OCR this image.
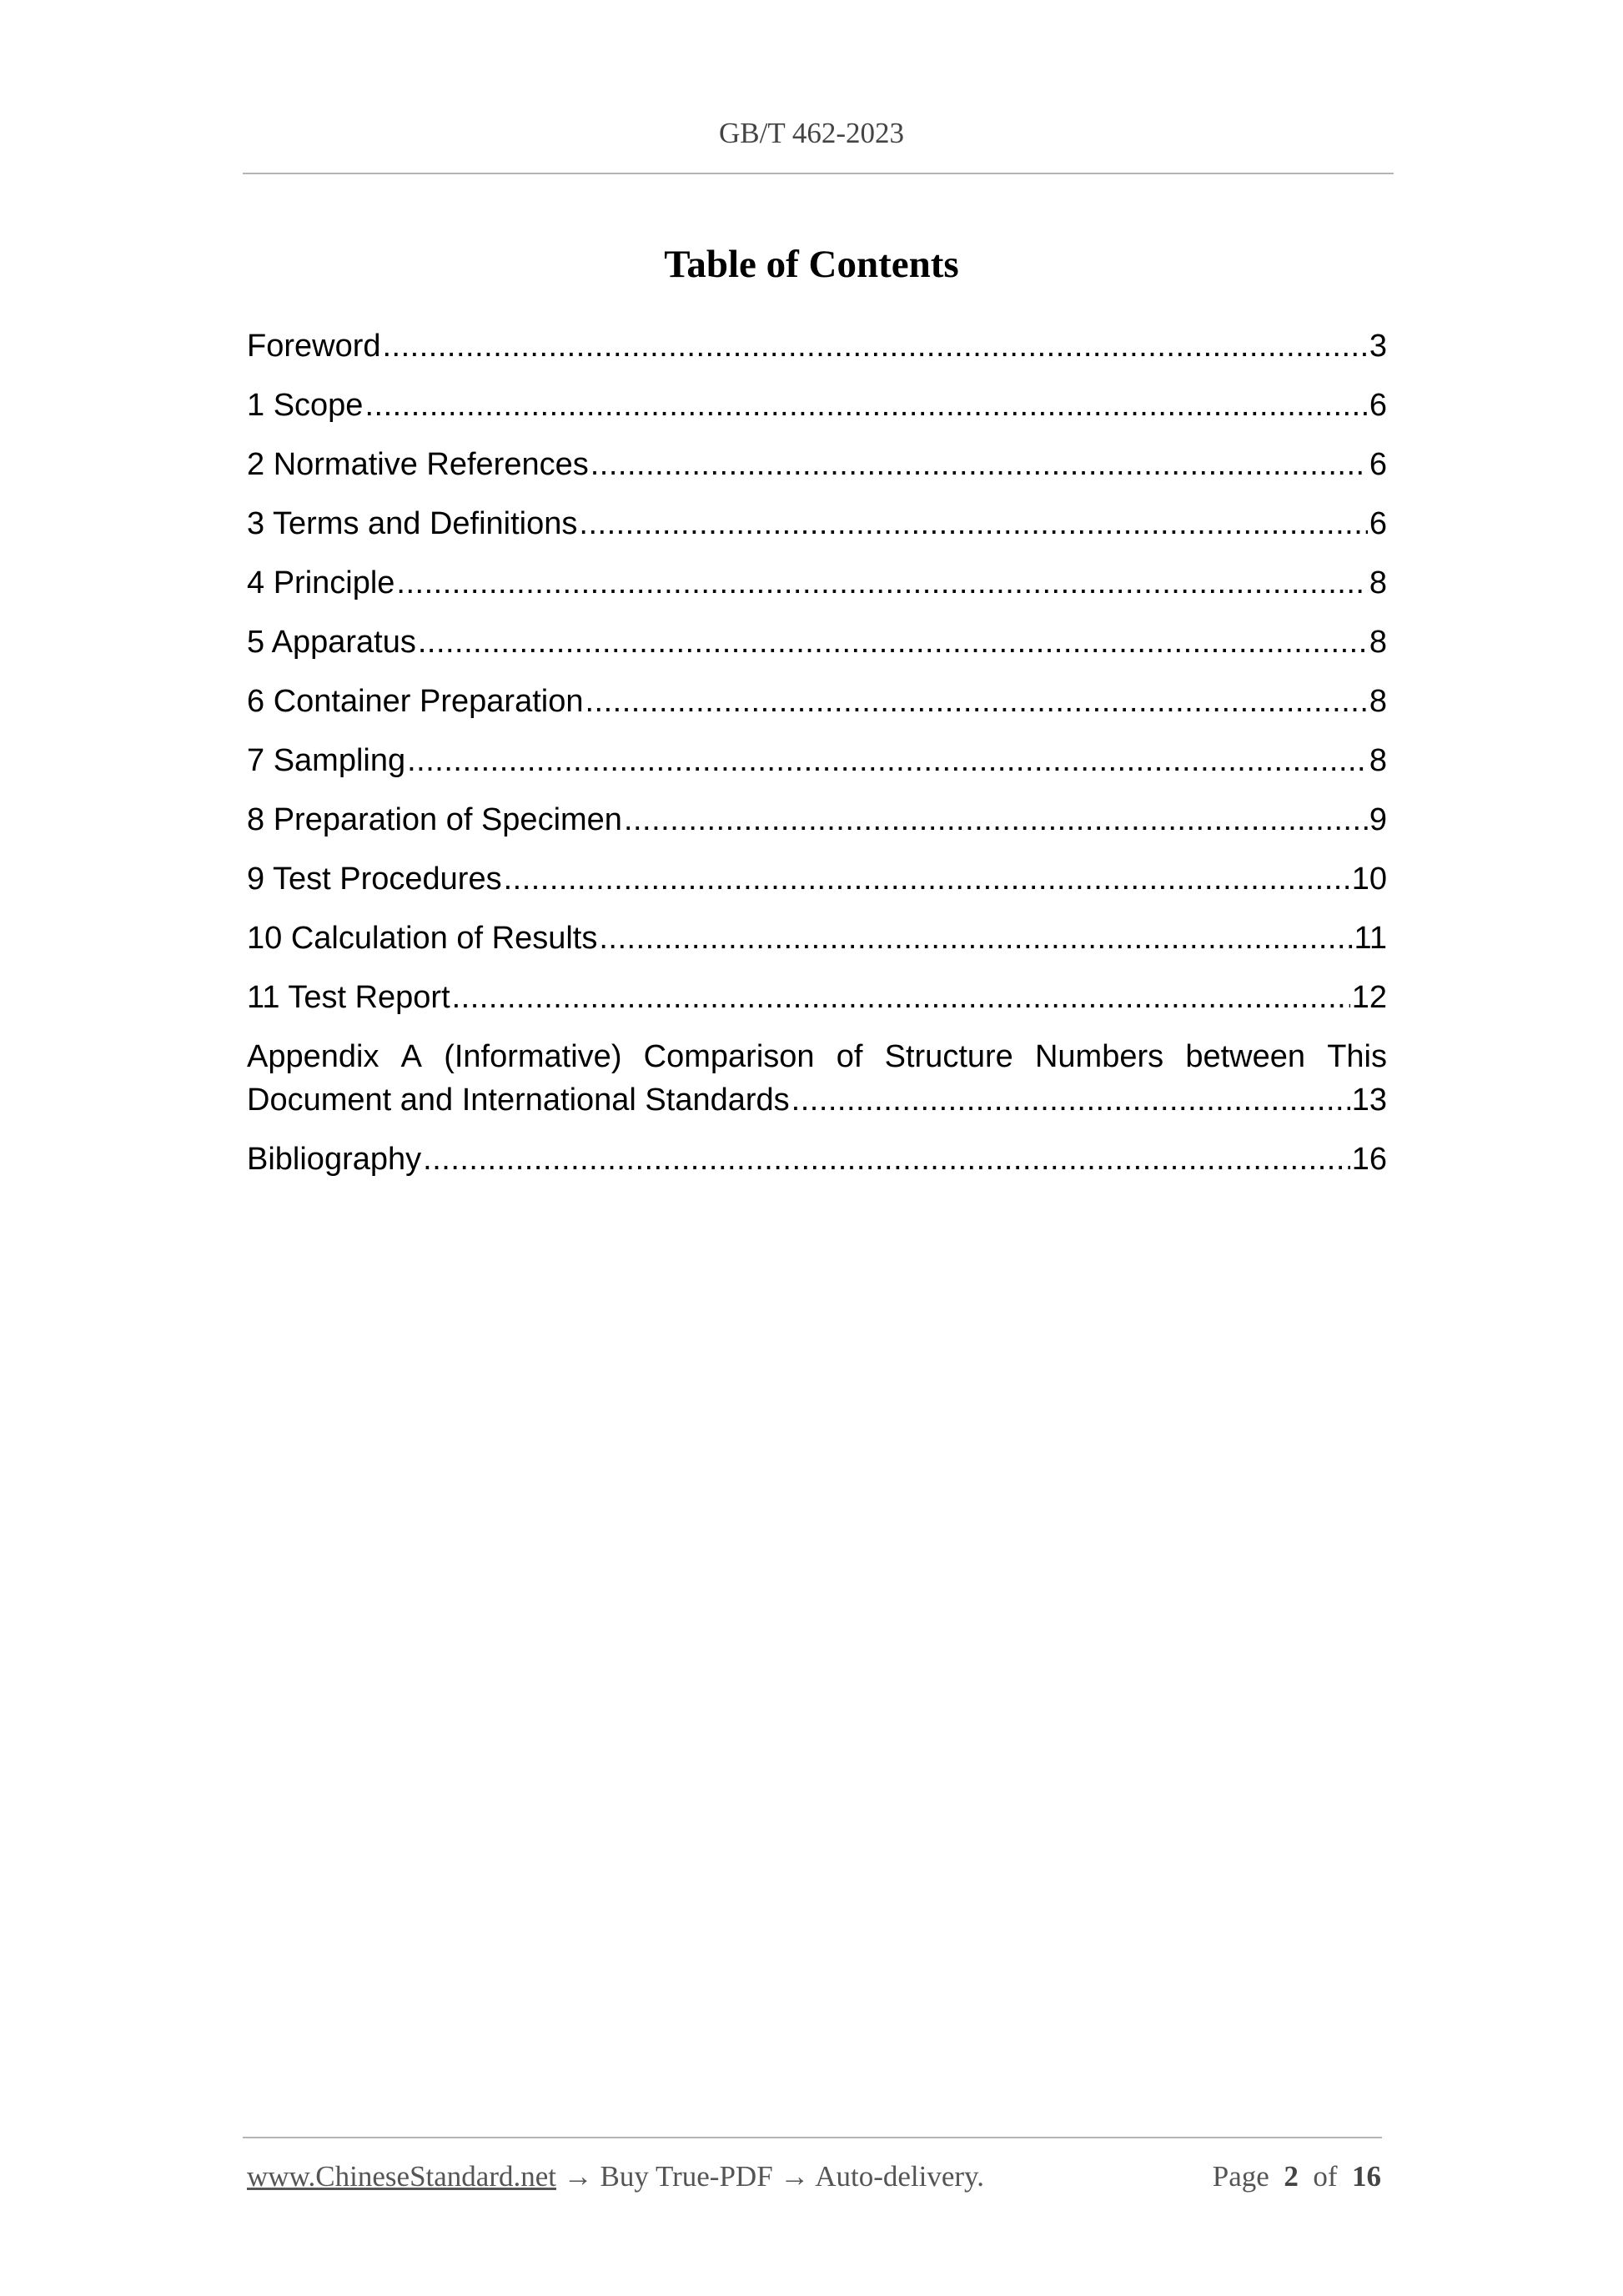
GB/T 462-2023
Table of Contents
Foreword .....	3
1 Scope .....	6
2 Normative References .....	6
3 Terms and Definitions .....	6
4 Principle .....	8
5 Apparatus .....	8
6 Container Preparation .....	8
7 Sampling .....	8
8 Preparation of Specimen .....	9
9 Test Procedures .....	10
10 Calculation of Results .....	11
11 Test Report .....	12
Appendix A (Informative) Comparison of Structure Numbers between This
Document and International Standards .....	13
Bibliography .....	16
www.ChineseStandard.net → Buy True-PDF → Auto-delivery.	Page 2 of 16
